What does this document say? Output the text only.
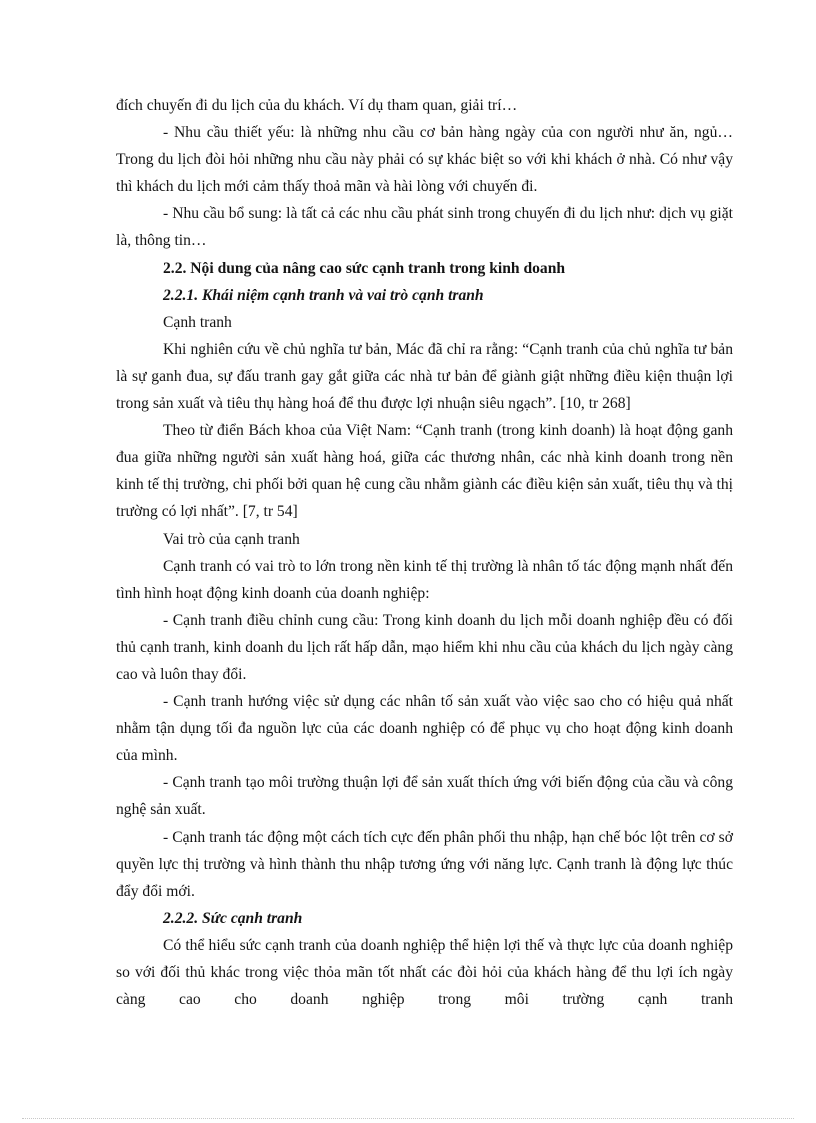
đích chuyến đi du lịch của du khách. Ví dụ tham quan, giải trí…

- Nhu cầu thiết yếu: là những nhu cầu cơ bản hàng ngày của con người như ăn, ngủ… Trong du lịch đòi hỏi những nhu cầu này phải có sự khác biệt so với khi khách ở nhà. Có như vậy thì khách du lịch mới cảm thấy thoả mãn và hài lòng với chuyến đi.

- Nhu cầu bổ sung: là tất cả các nhu cầu phát sinh trong chuyến đi du lịch như: dịch vụ giặt là, thông tin…

2.2. Nội dung của nâng cao sức cạnh tranh trong kinh doanh

2.2.1. Khái niệm cạnh tranh và vai trò cạnh tranh

Cạnh tranh

Khi nghiên cứu về chủ nghĩa tư bản, Mác đã chỉ ra rằng: “Cạnh tranh của chủ nghĩa tư bản là sự ganh đua, sự đấu tranh gay gắt giữa các nhà tư bản để giành giật những điều kiện thuận lợi trong sản xuất và tiêu thụ hàng hoá để thu được lợi nhuận siêu ngạch”. [10, tr 268]

Theo từ điển Bách khoa của Việt Nam: “Cạnh tranh (trong kinh doanh) là hoạt động ganh đua giữa những người sản xuất hàng hoá, giữa các thương nhân, các nhà kinh doanh trong nền kinh tế thị trường, chi phối bởi quan hệ cung cầu nhằm giành các điều kiện sản xuất, tiêu thụ và thị trường có lợi nhất”. [7, tr 54]

Vai trò của cạnh tranh

Cạnh tranh có vai trò to lớn trong nền kinh tế thị trường là nhân tố tác động mạnh nhất đến tình hình hoạt động kinh doanh của doanh nghiệp:

- Cạnh tranh điều chỉnh cung cầu: Trong kinh doanh du lịch mỗi doanh nghiệp đều có đối thủ cạnh tranh, kinh doanh du lịch rất hấp dẫn, mạo hiểm khi nhu cầu của khách du lịch ngày càng cao và luôn thay đổi.

- Cạnh tranh hướng việc sử dụng các nhân tố sản xuất vào việc sao cho có hiệu quả nhất nhằm tận dụng tối đa nguồn lực của các doanh nghiệp có để phục vụ cho hoạt động kinh doanh của mình.

- Cạnh tranh tạo môi trường thuận lợi để sản xuất thích ứng với biến động của cầu và công nghệ sản xuất.

- Cạnh tranh tác động một cách tích cực đến phân phối thu nhập, hạn chế bóc lột trên cơ sở quyền lực thị trường và hình thành thu nhập tương ứng với năng lực. Cạnh tranh là động lực thúc đẩy đổi mới.

2.2.2. Sức cạnh tranh

Có thể hiểu sức cạnh tranh của doanh nghiệp thể hiện lợi thế và thực lực của doanh nghiệp so với đối thủ khác trong việc thỏa mãn tốt nhất các đòi hỏi của khách hàng để thu lợi ích ngày càng cao cho doanh nghiệp trong môi trường cạnh tranh
